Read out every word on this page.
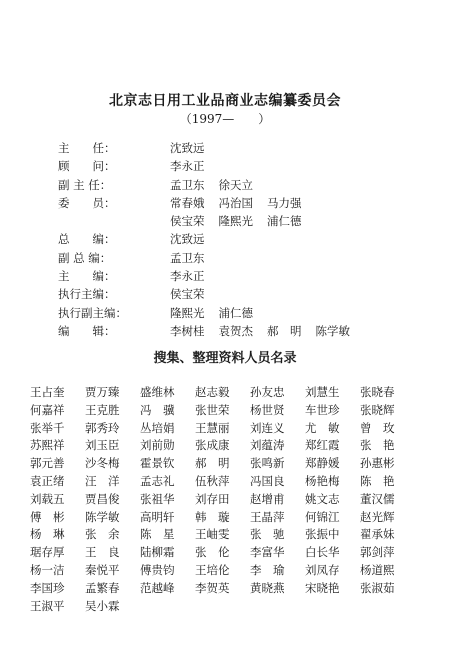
北京志日用工业品商业志编纂委员会
（1997—　　）
主　　任：	沈致远
顾　　问：	李永正
副 主 任：	孟卫东 徐天立
委　　员：	常春娥 冯治国 马力强
侯宝荣 隆熙光 浦仁德
总　　编：	沈致远
副 总 编：	孟卫东
主　　编：	李永正
执行主编：	侯宝荣
执行副主编：	隆熙光 浦仁德
编　　辑：	李树桂 袁贺杰 郝　明 陈学敏
搜集、整理资料人员名录
王占奎	贾万臻	盛维林	赵志毅	孙友忠	刘慧生	张晓春
何嘉祥	王克胜	冯　骥	张世荣	杨世贤	车世珍	张晓辉
张举千	郭秀玲	丛培娟	王慧丽	刘连义	尤　敏	曾　玫
苏熙祥	刘玉臣	刘前勋	张成康	刘蕴涛	郑红霞	张　艳
郭元善	沙冬梅	霍景钦	郝　明	张鸣新	郑静媛	孙惠彬
袁正绪	汪　洋	孟志礼	伍秋萍	冯国良	杨艳梅	陈　艳
刘载五	贾昌俊	张祖华	刘存田	赵增甫	姚文志	董汉儒
傅　彬	陈学敏	高明轩	韩　璇	王晶萍	何锦江	赵光辉
杨　琳	张　余	陈　星	王岫雯	张　驰	张振中	翟承妹
琚存厚	王　良	陆柳霜	张　伦	李富华	白长华	郭剑萍
杨一洁	秦悦平	傅贵钧	王培伦	李　瑜	刘凤存	杨道熙
李国珍	孟繁春	范越峰	李贺英	黄晓燕	宋晓艳	张淑茹
王淑平	吴小霖
